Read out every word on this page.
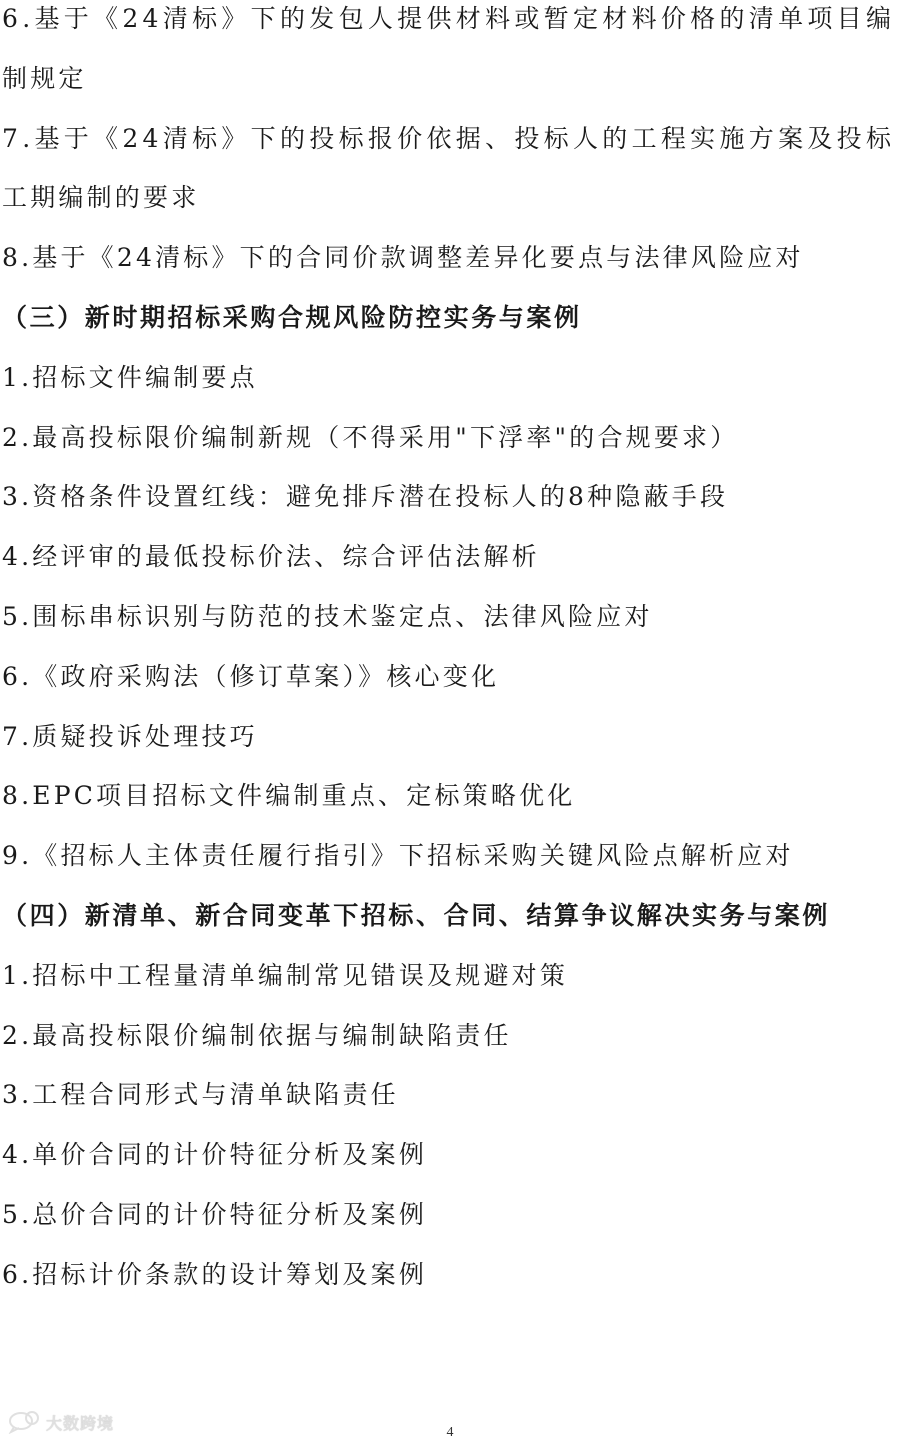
6.基于《24清标》下的发包人提供材料或暂定材料价格的清单项目编
制规定
7.基于《24清标》下的投标报价依据、投标人的工程实施方案及投标
工期编制的要求
8.基于《24清标》下的合同价款调整差异化要点与法律风险应对
（三）新时期招标采购合规风险防控实务与案例
1.招标文件编制要点
2.最高投标限价编制新规（不得采用"下浮率"的合规要求）
3.资格条件设置红线：避免排斥潜在投标人的8种隐蔽手段
4.经评审的最低投标价法、综合评估法解析
5.围标串标识别与防范的技术鉴定点、法律风险应对
6.《政府采购法（修订草案）》核心变化
7.质疑投诉处理技巧
8.EPC项目招标文件编制重点、定标策略优化
9.《招标人主体责任履行指引》下招标采购关键风险点解析应对
（四）新清单、新合同变革下招标、合同、结算争议解决实务与案例
1.招标中工程量清单编制常见错误及规避对策
2.最高投标限价编制依据与编制缺陷责任
3.工程合同形式与清单缺陷责任
4.单价合同的计价特征分析及案例
5.总价合同的计价特征分析及案例
6.招标计价条款的设计筹划及案例
大数跨境	4
